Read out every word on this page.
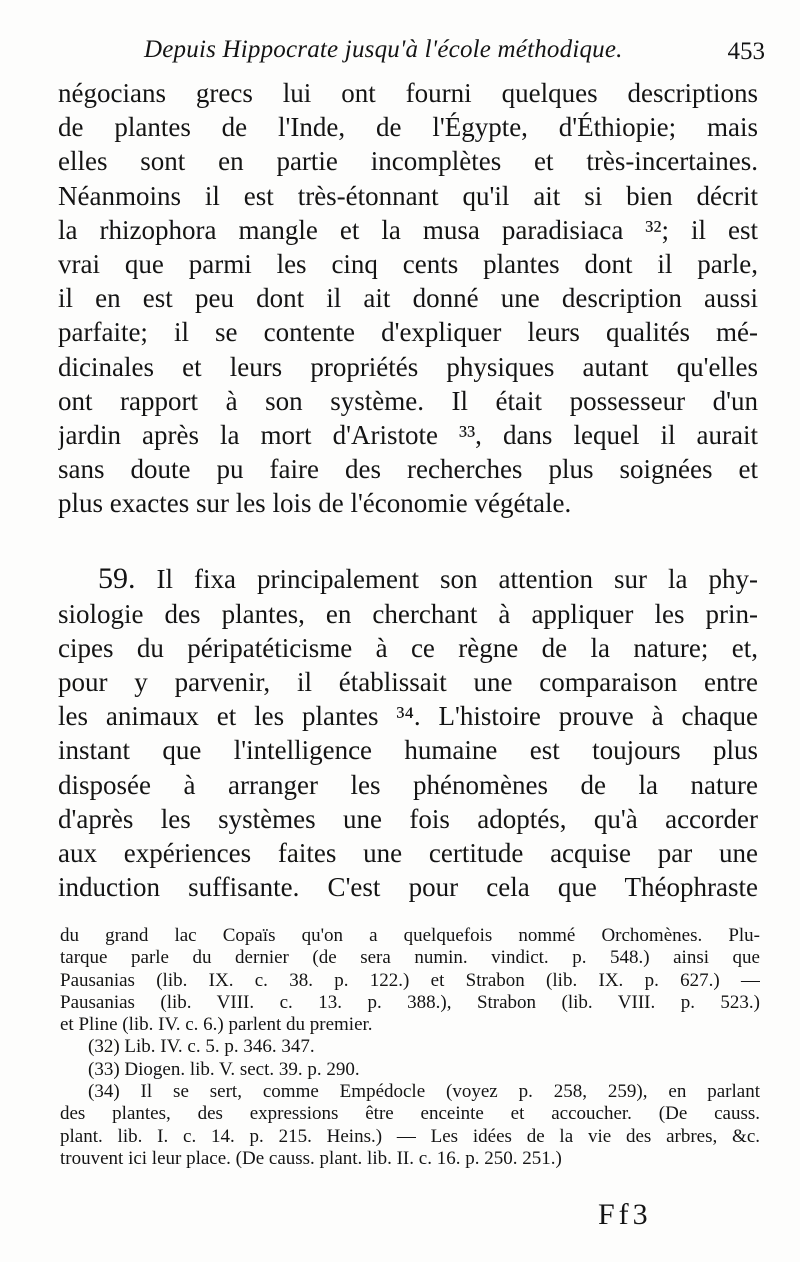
Depuis Hippocrate jusqu'à l'école méthodique.	453
négocians grecs lui ont fourni quelques descriptions
de plantes de l'Inde, de l'Égypte, d'Éthiopie; mais
elles sont en partie incomplètes et très-incertaines.
Néanmoins il est très-étonnant qu'il ait si bien décrit
la rhizophora mangle et la musa paradisiaca ³²; il est
vrai que parmi les cinq cents plantes dont il parle,
il en est peu dont il ait donné une description aussi
parfaite; il se contente d'expliquer leurs qualités mé-
dicinales et leurs propriétés physiques autant qu'elles
ont rapport à son système. Il était possesseur d'un
jardin après la mort d'Aristote ³³, dans lequel il aurait
sans doute pu faire des recherches plus soignées et
plus exactes sur les lois de l'économie végétale.
59. Il fixa principalement son attention sur la phy-
siologie des plantes, en cherchant à appliquer les prin-
cipes du péripatéticisme à ce règne de la nature; et,
pour y parvenir, il établissait une comparaison entre
les animaux et les plantes ³⁴. L'histoire prouve à chaque
instant que l'intelligence humaine est toujours plus
disposée à arranger les phénomènes de la nature
d'après les systèmes une fois adoptés, qu'à accorder
aux expériences faites une certitude acquise par une
induction suffisante. C'est pour cela que Théophraste
du grand lac Copaïs qu'on a quelquefois nommé Orchomènes. Plu-
tarque parle du dernier (de sera numin. vindict. p. 548.) ainsi que
Pausanias (lib. IX. c. 38. p. 122.) et Strabon (lib. IX. p. 627.) —
Pausanias (lib. VIII. c. 13. p. 388.), Strabon (lib. VIII. p. 523.)
et Pline (lib. IV. c. 6.) parlent du premier.
(32) Lib. IV. c. 5. p. 346. 347.
(33) Diogen. lib. V. sect. 39. p. 290.
(34) Il se sert, comme Empédocle (voyez p. 258, 259), en parlant
des plantes, des expressions être enceinte et accoucher. (De causs.
plant. lib. I. c. 14. p. 215. Heins.) — Les idées de la vie des arbres, &c.
trouvent ici leur place. (De causs. plant. lib. II. c. 16. p. 250. 251.)
Ff3
